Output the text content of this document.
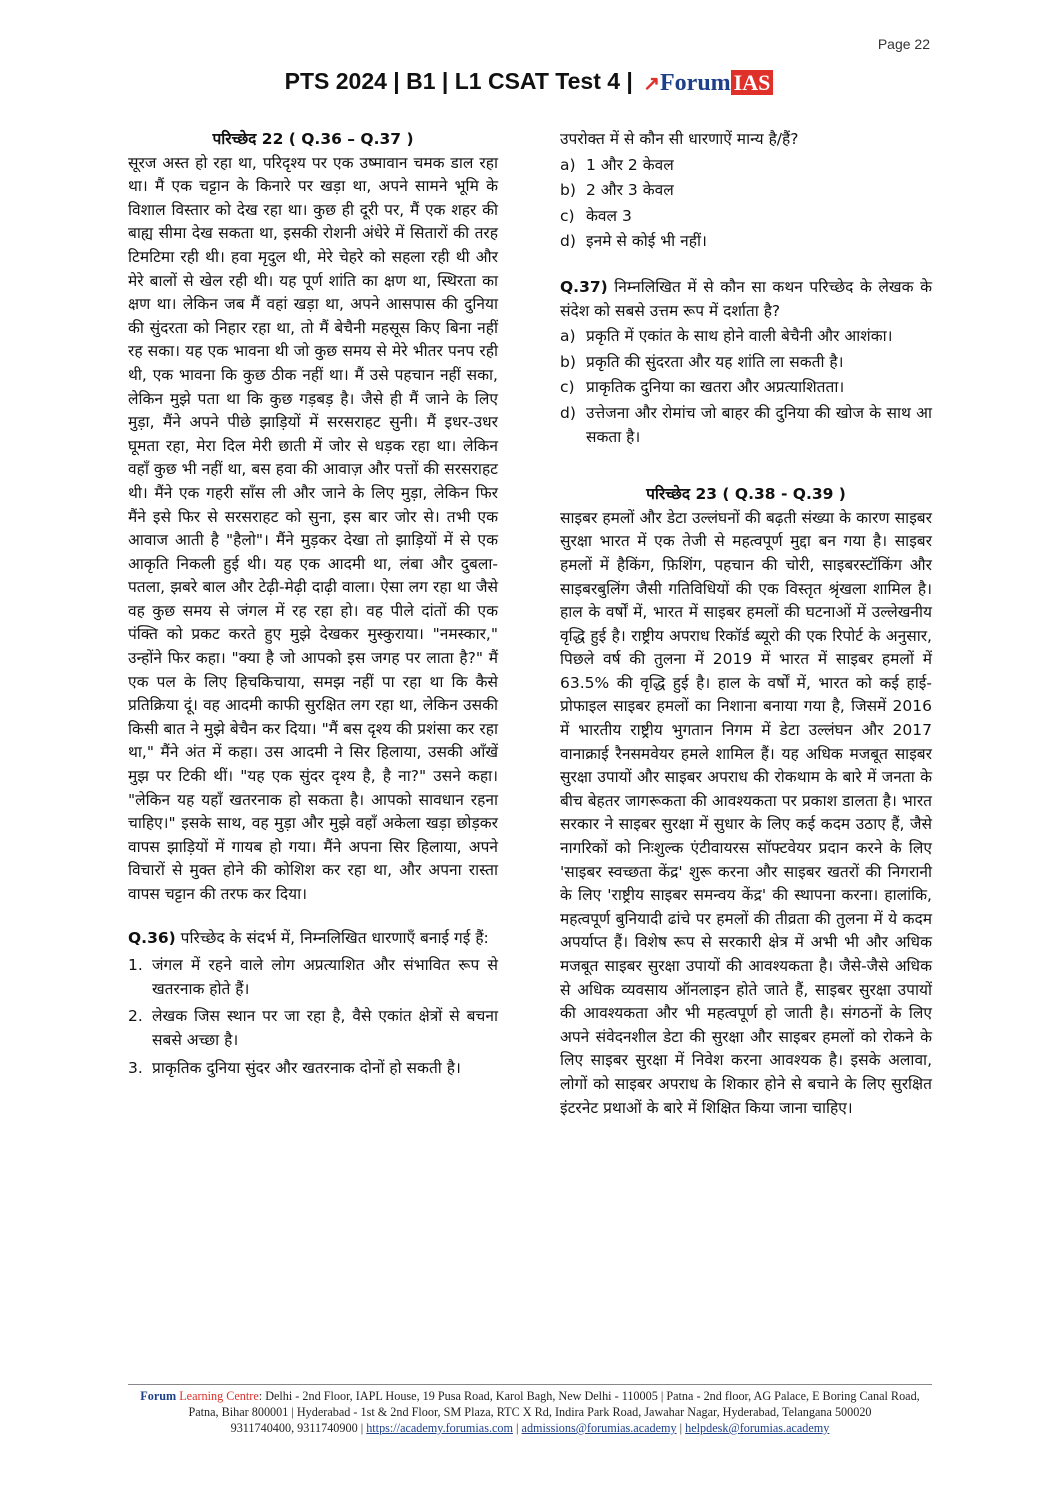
Page 22
PTS 2024 | B1 | L1 CSAT Test 4 | ↗Forum IAS
परिच्छेद 22 ( Q.36 – Q.37 )

सूरज अस्त हो रहा था, परिदृश्य पर एक उष्मावान चमक डाल रहा था। मैं एक चट्टान के किनारे पर खड़ा था, अपने सामने भूमि के विशाल विस्तार को देख रहा था। कुछ ही दूरी पर, मैं एक शहर की बाह्य सीमा देख सकता था, इसकी रोशनी अंधेरे में सितारों की तरह टिमटिमा रही थी। हवा मृदुल थी, मेरे चेहरे को सहला रही थी और मेरे बालों से खेल रही थी। यह पूर्ण शांति का क्षण था, स्थिरता का क्षण था। लेकिन जब मैं वहां खड़ा था, अपने आसपास की दुनिया की सुंदरता को निहार रहा था, तो मैं बेचैनी महसूस किए बिना नहीं रह सका। यह एक भावना थी जो कुछ समय से मेरे भीतर पनप रही थी, एक भावना कि कुछ ठीक नहीं था। मैं उसे पहचान नहीं सका, लेकिन मुझे पता था कि कुछ गड़बड़ है। जैसे ही मैं जाने के लिए मुड़ा, मैंने अपने पीछे झाड़ियों में सरसराहट सुनी। मैं इधर-उधर घूमता रहा, मेरा दिल मेरी छाती में जोर से धड़क रहा था। लेकिन वहाँ कुछ भी नहीं था, बस हवा की आवाज़ और पत्तों की सरसराहट थी। मैंने एक गहरी साँस ली और जाने के लिए मुड़ा, लेकिन फिर मैंने इसे फिर से सरसराहट को सुना, इस बार जोर से। तभी एक आवाज आती है "हैलो"। मैंने मुड़कर देखा तो झाड़ियों में से एक आकृति निकली हुई थी। यह एक आदमी था, लंबा और दुबला-पतला, झबरे बाल और टेढ़ी-मेढ़ी दाढ़ी वाला। ऐसा लग रहा था जैसे वह कुछ समय से जंगल में रह रहा हो। वह पीले दांतों की एक पंक्ति को प्रकट करते हुए मुझे देखकर मुस्कुराया। "नमस्कार," उन्होंने फिर कहा। "क्या है जो आपको इस जगह पर लाता है?" मैं एक पल के लिए हिचकिचाया, समझ नहीं पा रहा था कि कैसे प्रतिक्रिया दूं। वह आदमी काफी सुरक्षित लग रहा था, लेकिन उसकी किसी बात ने मुझे बेचैन कर दिया। "मैं बस दृश्य की प्रशंसा कर रहा था," मैंने अंत में कहा। उस आदमी ने सिर हिलाया, उसकी आँखें मुझ पर टिकी थीं। "यह एक सुंदर दृश्य है, है ना?" उसने कहा। "लेकिन यह यहाँ खतरनाक हो सकता है। आपको सावधान रहना चाहिए।" इसके साथ, वह मुड़ा और मुझे वहाँ अकेला खड़ा छोड़कर वापस झाड़ियों में गायब हो गया। मैंने अपना सिर हिलाया, अपने विचारों से मुक्त होने की कोशिश कर रहा था, और अपना रास्ता वापस चट्टान की तरफ कर दिया।

Q.36) परिच्छेद के संदर्भ में, निम्नलिखित धारणाएँ बनाई गई हैं:

1. जंगल में रहने वाले लोग अप्रत्याशित और संभावित रूप से खतरनाक होते हैं।
2. लेखक जिस स्थान पर जा रहा है, वैसे एकांत क्षेत्रों से बचना सबसे अच्छा है।
3. प्राकृतिक दुनिया सुंदर और खतरनाक दोनों हो सकती है।

उपरोक्त में से कौन सी धारणाऐं मान्य है/हैं?

a) 1 और 2 केवल
b) 2 और 3 केवल
c) केवल 3
d) इनमे से कोई भी नहीं।

Q.37) निम्नलिखित में से कौन सा कथन परिच्छेद के लेखक के संदेश को सबसे उत्तम रूप में दर्शाता है?

a) प्रकृति में एकांत के साथ होने वाली बेचैनी और आशंका।
b) प्रकृति की सुंदरता और यह शांति ला सकती है।
c) प्राकृतिक दुनिया का खतरा और अप्रत्याशितता।
d) उत्तेजना और रोमांच जो बाहर की दुनिया की खोज के साथ आ सकता है।
परिच्छेद 23 ( Q.38 - Q.39 )

साइबर हमलों और डेटा उल्लंघनों की बढ़ती संख्या के कारण साइबर सुरक्षा भारत में एक तेजी से महत्वपूर्ण मुद्दा बन गया है। साइबर हमलों में हैकिंग, फ़िशिंग, पहचान की चोरी, साइबरस्टॉकिंग और साइबरबुलिंग जैसी गतिविधियों की एक विस्तृत श्रृंखला शामिल है। हाल के वर्षों में, भारत में साइबर हमलों की घटनाओं में उल्लेखनीय वृद्धि हुई है। राष्ट्रीय अपराध रिकॉर्ड ब्यूरो की एक रिपोर्ट के अनुसार, पिछले वर्ष की तुलना में 2019 में भारत में साइबर हमलों में 63.5% की वृद्धि हुई है। हाल के वर्षों में, भारत को कई हाई-प्रोफाइल साइबर हमलों का निशाना बनाया गया है, जिसमें 2016 में भारतीय राष्ट्रीय भुगतान निगम में डेटा उल्लंघन और 2017 वानाक्राई रैनसमवेयर हमले शामिल हैं। यह अधिक मजबूत साइबर सुरक्षा उपायों और साइबर अपराध की रोकथाम के बारे में जनता के बीच बेहतर जागरूकता की आवश्यकता पर प्रकाश डालता है। भारत सरकार ने साइबर सुरक्षा में सुधार के लिए कई कदम उठाए हैं, जैसे नागरिकों को निःशुल्क एंटीवायरस सॉफ्टवेयर प्रदान करने के लिए 'साइबर स्वच्छता केंद्र' शुरू करना और साइबर खतरों की निगरानी के लिए 'राष्ट्रीय साइबर समन्वय केंद्र' की स्थापना करना। हालांकि, महत्वपूर्ण बुनियादी ढांचे पर हमलों की तीव्रता की तुलना में ये कदम अपर्याप्त हैं। विशेष रूप से सरकारी क्षेत्र में अभी भी और अधिक मजबूत साइबर सुरक्षा उपायों की आवश्यकता है। जैसे-जैसे अधिक से अधिक व्यवसाय ऑनलाइन होते जाते हैं, साइबर सुरक्षा उपायों की आवश्यकता और भी महत्वपूर्ण हो जाती है। संगठनों के लिए अपने संवेदनशील डेटा की सुरक्षा और साइबर हमलों को रोकने के लिए साइबर सुरक्षा में निवेश करना आवश्यक है। इसके अलावा, लोगों को साइबर अपराध के शिकार होने से बचाने के लिए सुरक्षित इंटरनेट प्रथाओं के बारे में शिक्षित किया जाना चाहिए।

Forum Learning Centre: Delhi - 2nd Floor, IAPL House, 19 Pusa Road, Karol Bagh, New Delhi - 110005 | Patna - 2nd floor, AG Palace, E Boring Canal Road, Patna, Bihar 800001 | Hyderabad - 1st & 2nd Floor, SM Plaza, RTC X Rd, Indira Park Road, Jawahar Nagar, Hyderabad, Telangana 500020
9311740400, 9311740900 | https://academy.forumias.com | admissions@forumias.academy | helpdesk@forumias.academy
